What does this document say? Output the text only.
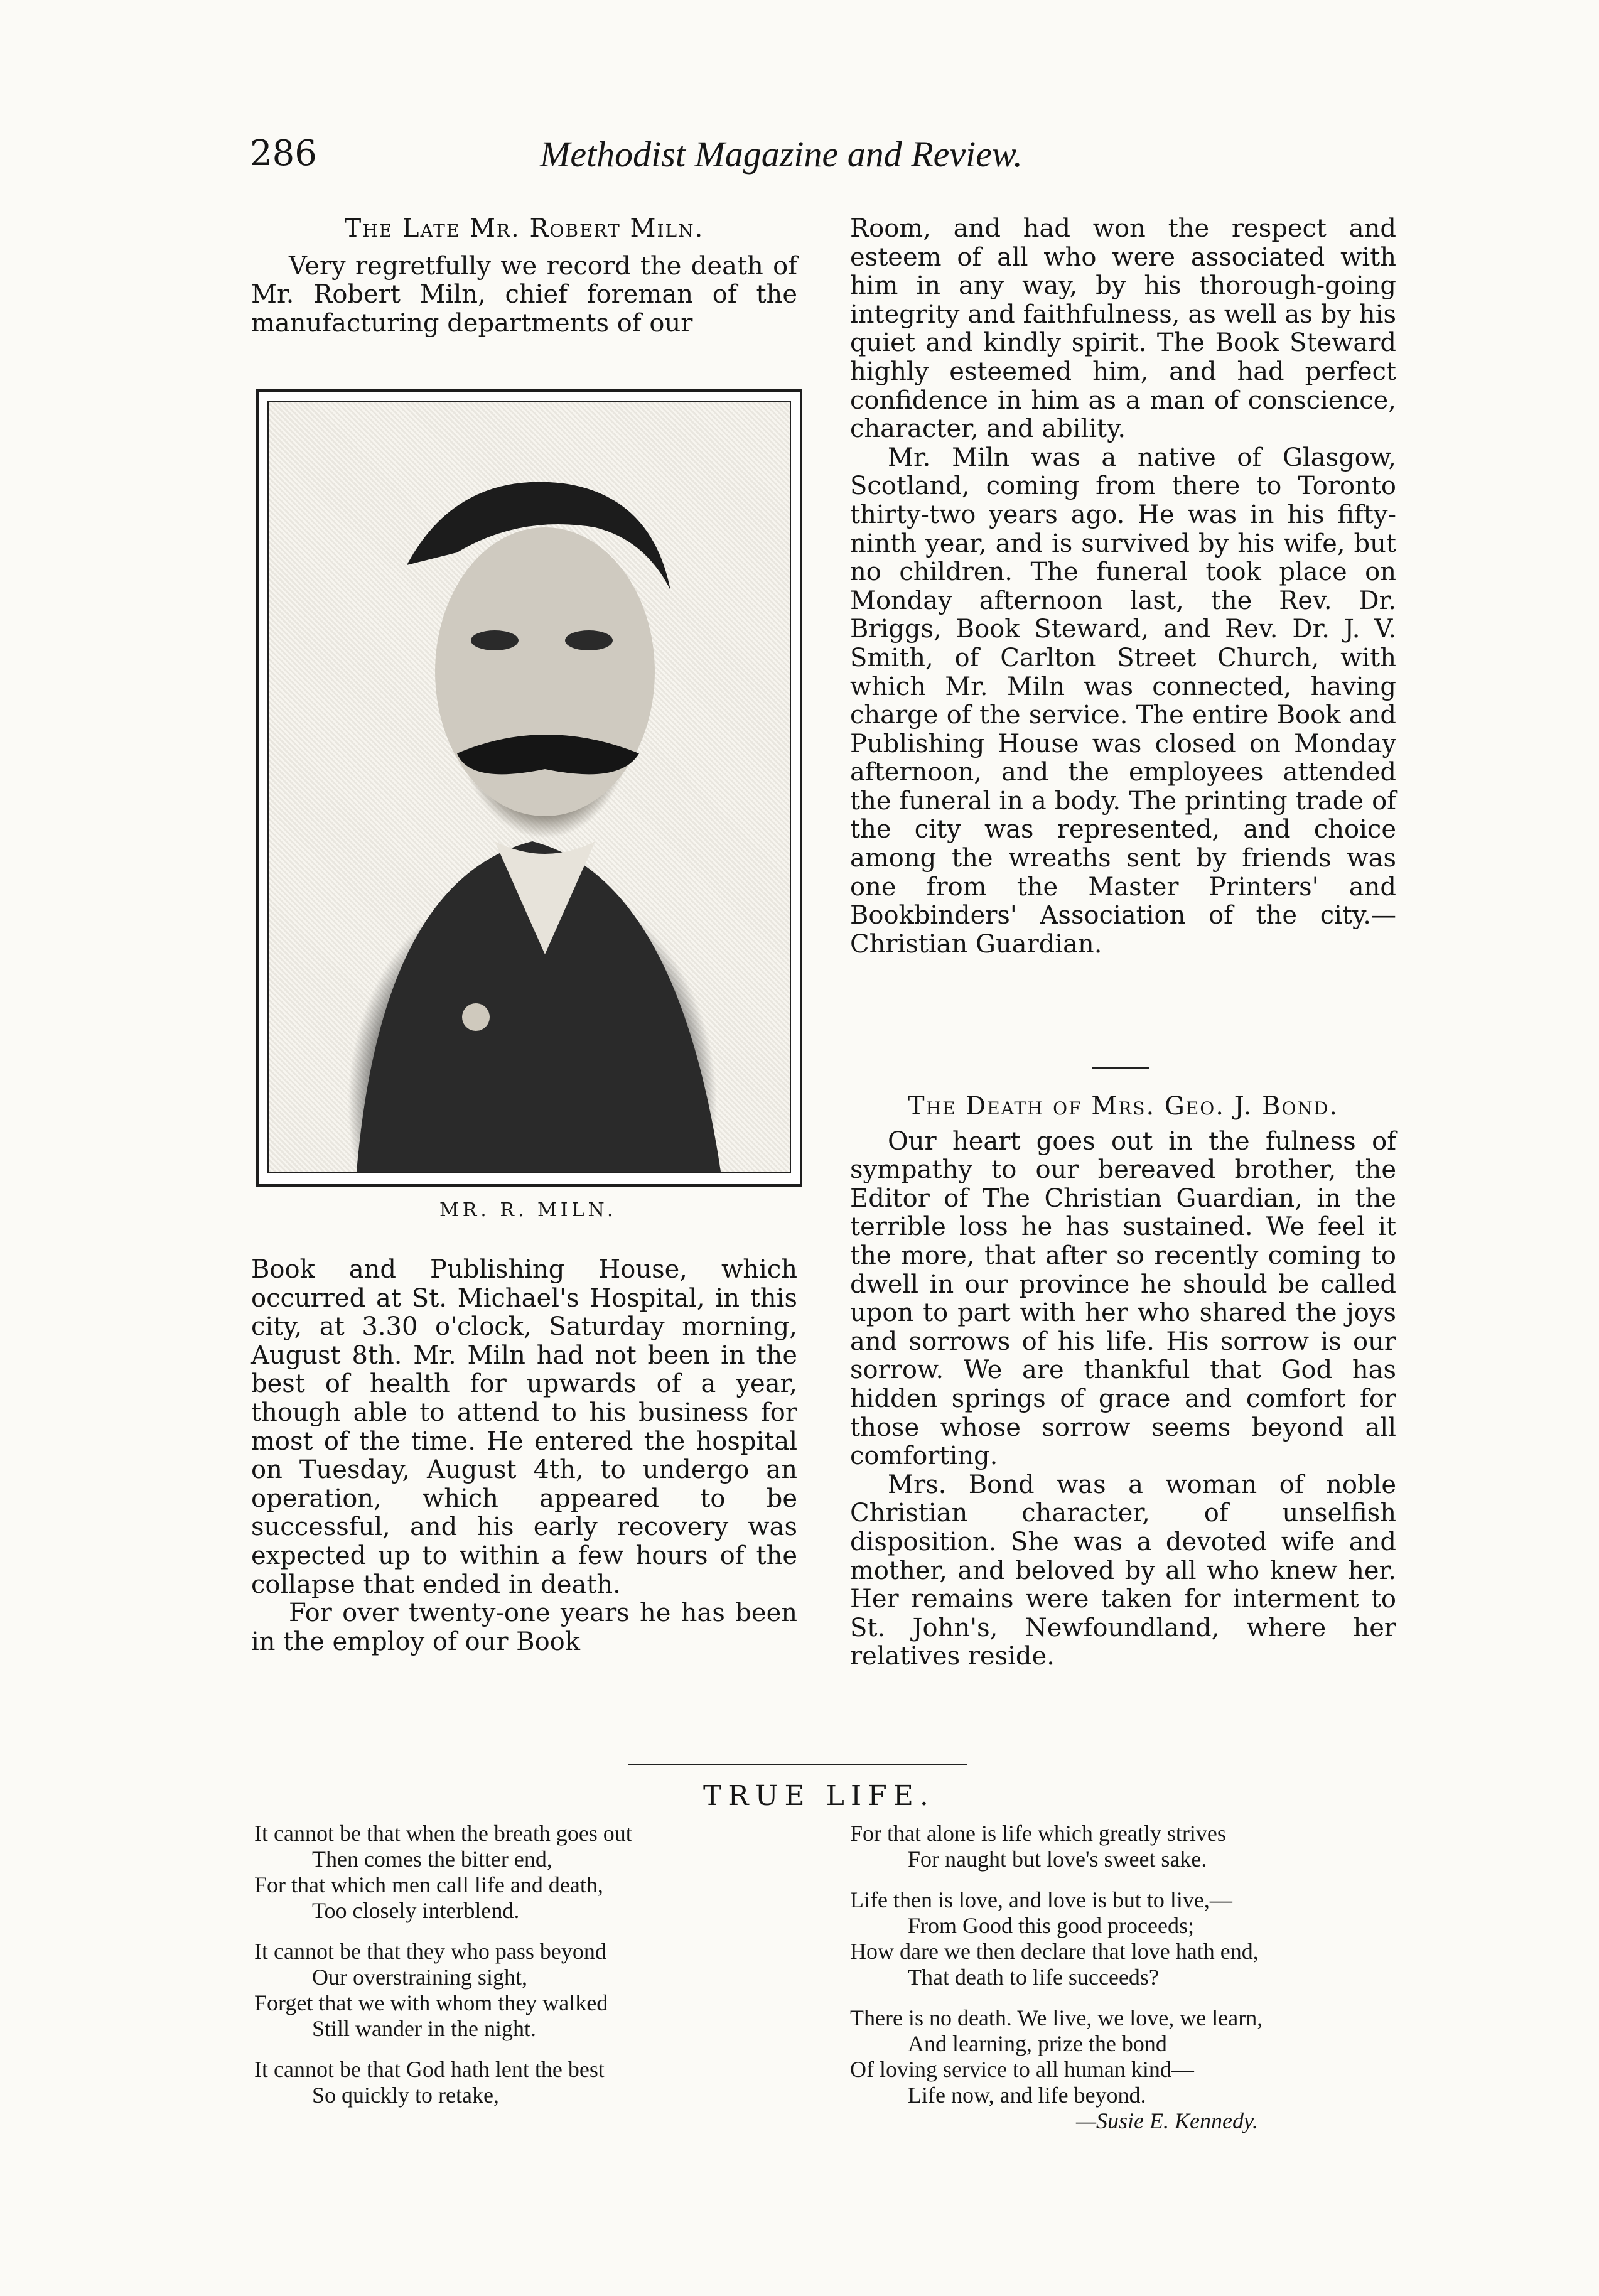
286	Methodist Magazine and Review.
The Late Mr. Robert Miln.

Very regretfully we record the death of Mr. Robert Miln, chief foreman of the manufacturing departments of our

MR. R. MILN.

Book and Publishing House, which occurred at St. Michael's Hospital, in this city, at 3.30 o'clock, Saturday morning, August 8th. Mr. Miln had not been in the best of health for upwards of a year, though able to attend to his business for most of the time. He entered the hospital on Tuesday, August 4th, to undergo an operation, which appeared to be successful, and his early recovery was expected up to within a few hours of the collapse that ended in death.

For over twenty-one years he has been in the employ of our Book

Room, and had won the respect and esteem of all who were associated with him in any way, by his thorough-going integrity and faithfulness, as well as by his quiet and kindly spirit. The Book Steward highly esteemed him, and had perfect confidence in him as a man of conscience, character, and ability.

Mr. Miln was a native of Glasgow, Scotland, coming from there to Toronto thirty-two years ago. He was in his fifty-ninth year, and is survived by his wife, but no children. The funeral took place on Monday afternoon last, the Rev. Dr. Briggs, Book Steward, and Rev. Dr. J. V. Smith, of Carlton Street Church, with which Mr. Miln was connected, having charge of the service. The entire Book and Publishing House was closed on Monday afternoon, and the employees attended the funeral in a body. The printing trade of the city was represented, and choice among the wreaths sent by friends was one from the Master Printers' and Bookbinders' Association of the city.—Christian Guardian.

The Death of Mrs. Geo. J. Bond.

Our heart goes out in the fulness of sympathy to our bereaved brother, the Editor of The Christian Guardian, in the terrible loss he has sustained. We feel it the more, that after so recently coming to dwell in our province he should be called upon to part with her who shared the joys and sorrows of his life. His sorrow is our sorrow. We are thankful that God has hidden springs of grace and comfort for those whose sorrow seems beyond all comforting.

Mrs. Bond was a woman of noble Christian character, of unselfish disposition. She was a devoted wife and mother, and beloved by all who knew her. Her remains were taken for interment to St. John's, Newfoundland, where her relatives reside.

TRUE LIFE.
It cannot be that when the breath goes out
Then comes the bitter end,
For that which men call life and death,
Too closely interblend.
It cannot be that they who pass beyond
Our overstraining sight,
Forget that we with whom they walked
Still wander in the night.
It cannot be that God hath lent the best
So quickly to retake,
For that alone is life which greatly strives
For naught but love's sweet sake.
Life then is love, and love is but to live,—
From Good this good proceeds;
How dare we then declare that love hath end,
That death to life succeeds?
There is no death. We live, we love, we learn,
And learning, prize the bond
Of loving service to all human kind—
Life now, and life beyond.
—Susie E. Kennedy.
